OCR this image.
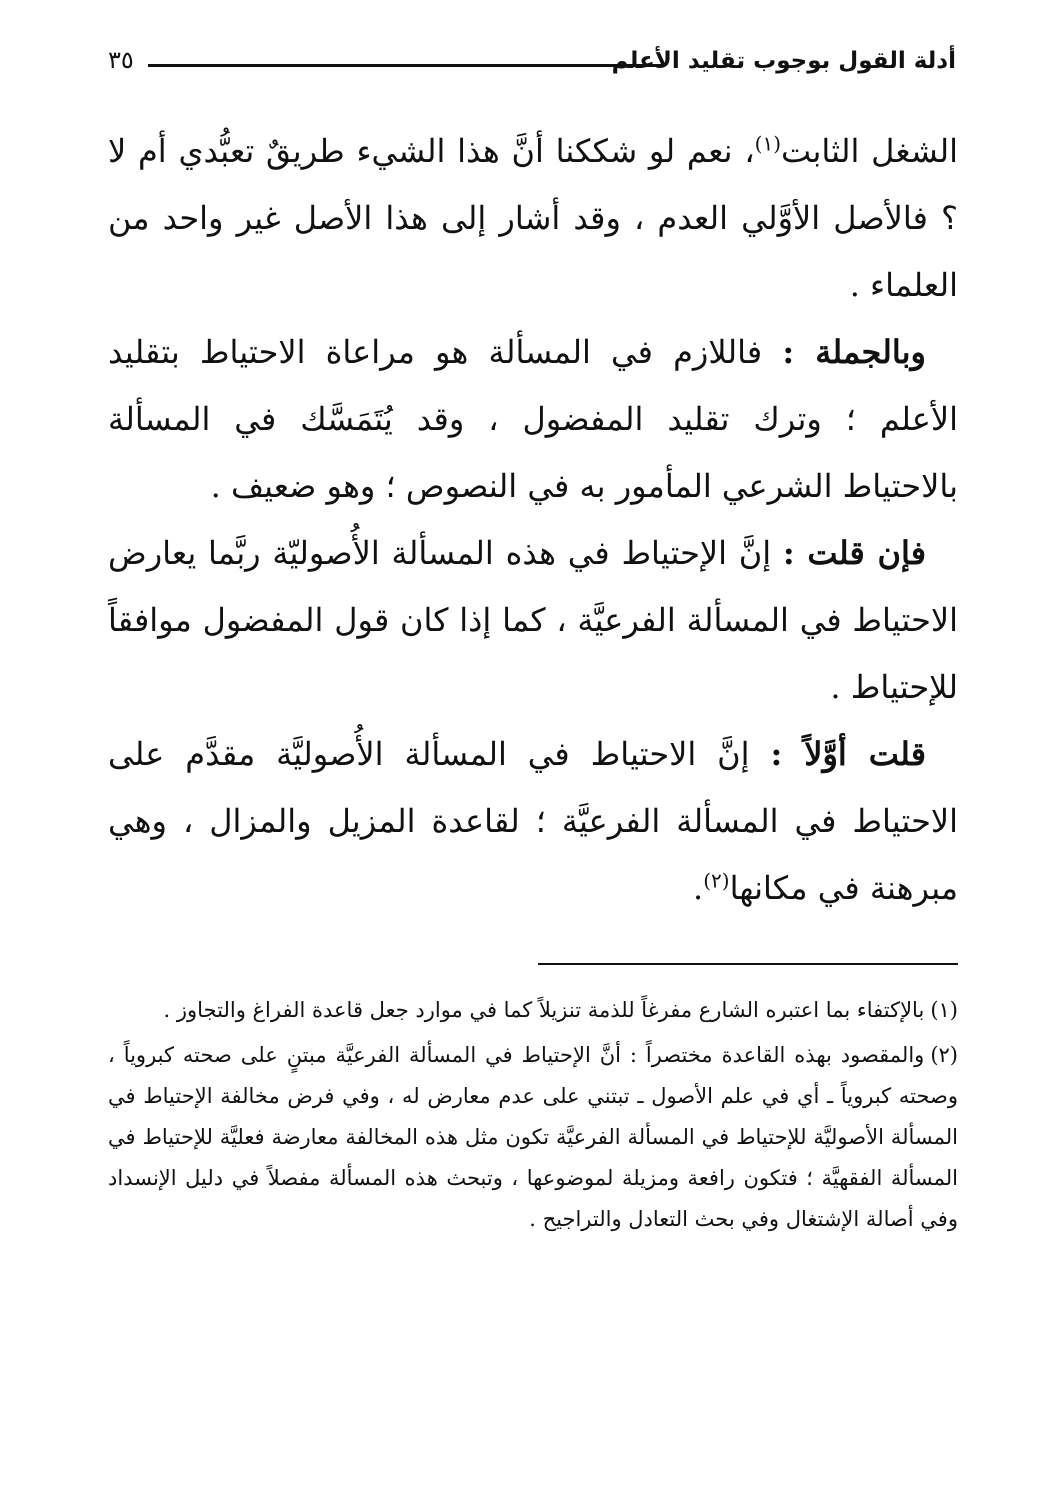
أدلة القول بوجوب تقليد الأعلم
٣٥

الشغل الثابت$^{(١)}$، نعم لو شككنا أنَّ هذا الشيء طريقٌ تعبُّدي أم لا ؟ فالأصل الأوَّلي العدم ، وقد أشار إلى هذا الأصل غير واحد من العلماء .

 وبالجملة : فاللازم في المسألة هو مراعاة الاحتياط بتقليد الأعلم ؛ وترك تقليد المفضول ، وقد يُتَمَسَّك في المسألة بالاحتياط الشرعي المأمور به في النصوص ؛ وهو ضعيف .

 فإن قلت : إنَّ الإحتياط في هذه المسألة الأُصوليّة ربَّما يعارض الاحتياط في المسألة الفرعيَّة ، كما إذا كان قول المفضول موافقاً للإحتياط .

 قلت أوَّلاً : إنَّ الاحتياط في المسألة الأُصوليَّة مقدَّم على الاحتياط في المسألة الفرعيَّة ؛ لقاعدة المزيل والمزال ، وهي مبرهنة في مكانها$^{(٢)}$.

(١)بالإكتفاء بما اعتبره الشارع مفرغاً للذمة تنزيلاً كما في موارد جعل قاعدة الفراغ والتجاوز .

(٢)والمقصود بهذه القاعدة مختصراً : أنَّ الإحتياط في المسألة الفرعيَّة مبتنٍ على صحته كبروياً ، وصحته كبروياً ـ أي في علم الأصول ـ تبتني على عدم معارض له ، وفي فرض مخالفة الإحتياط في المسألة الأصوليَّة للإحتياط في المسألة الفرعيَّة تكون مثل هذه المخالفة معارضة فعليَّة للإحتياط في المسألة الفقهيَّة ؛ فتكون رافعة ومزيلة لموضوعها ، وتبحث هذه المسألة مفصلاً في دليل الإنسداد وفي أصالة الإشتغال وفي بحث التعادل والتراجيح .
